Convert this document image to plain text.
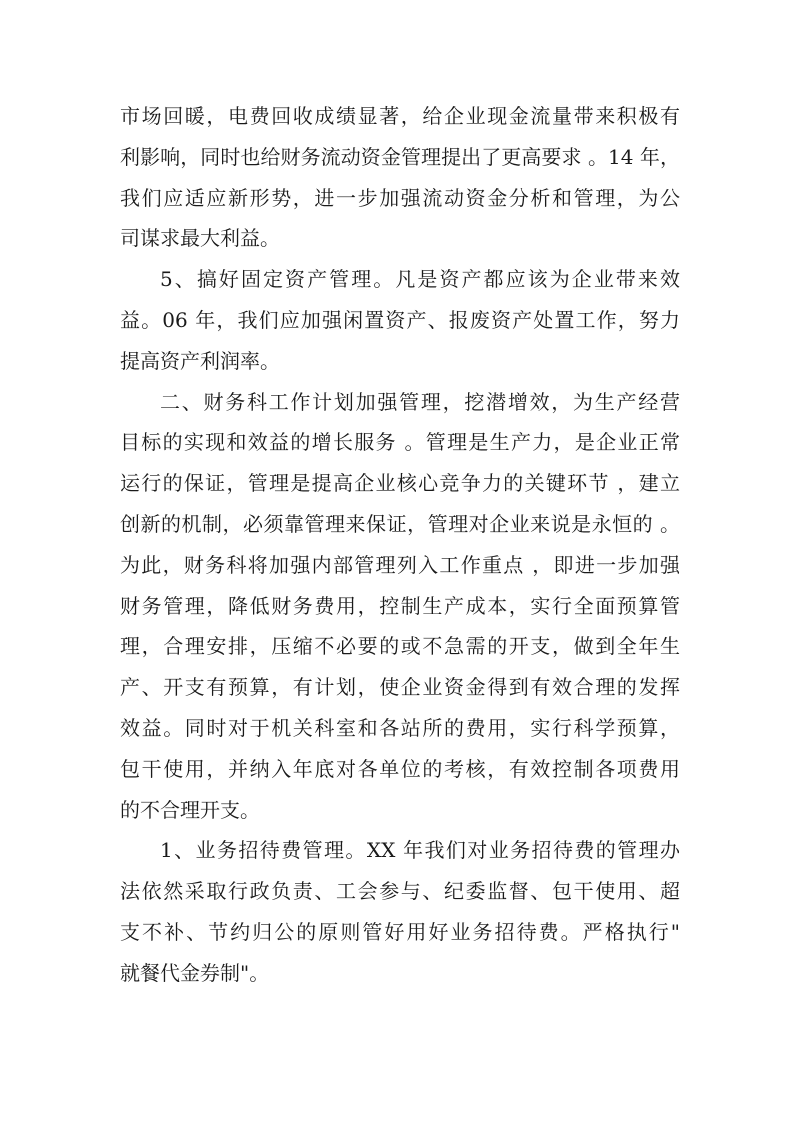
市场回暖，电费回收成绩显著，给企业现金流量带来积极有
利影响，同时也给财务流动资金管理提出了更高要求 。14 年，
我们应适应新形势，进一步加强流动资金分析和管理，为公
司谋求最大利益。
5、搞好固定资产管理。凡是资产都应该为企业带来效
益。06 年，我们应加强闲置资产、报废资产处置工作，努力
提高资产利润率。
二、财务科工作计划加强管理，挖潜增效，为生产经营
目标的实现和效益的增长服务 。管理是生产力，是企业正常
运行的保证，管理是提高企业核心竞争力的关键环节 ，建立
创新的机制，必须靠管理来保证，管理对企业来说是永恒的 。
为此，财务科将加强内部管理列入工作重点 ，即进一步加强
财务管理，降低财务费用，控制生产成本，实行全面预算管
理，合理安排，压缩不必要的或不急需的开支，做到全年生
产、开支有预算，有计划，使企业资金得到有效合理的发挥
效益。同时对于机关科室和各站所的费用，实行科学预算，
包干使用，并纳入年底对各单位的考核，有效控制各项费用
的不合理开支。
1、业务招待费管理。XX 年我们对业务招待费的管理办
法依然采取行政负责、工会参与、纪委监督、包干使用、超
支不补、节约归公的原则管好用好业务招待费。严格执行"
就餐代金券制"。
